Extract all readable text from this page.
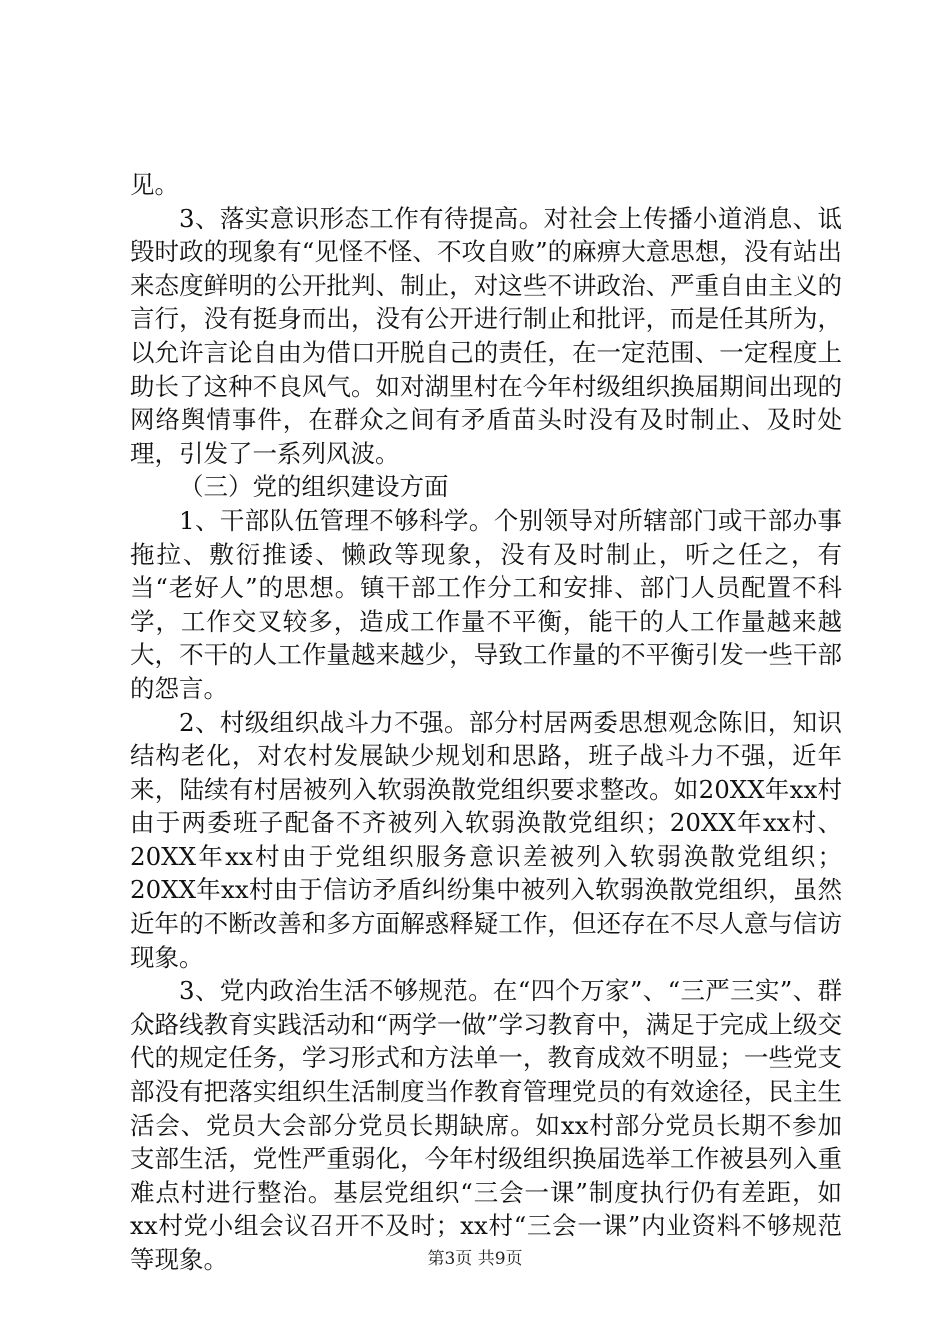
见。

3、落实意识形态工作有待提高。对社会上传播小道消息、诋毁时政的现象有“见怪不怪、不攻自败”的麻痹大意思想，没有站出来态度鲜明的公开批判、制止，对这些不讲政治、严重自由主义的言行，没有挺身而出，没有公开进行制止和批评，而是任其所为，以允许言论自由为借口开脱自己的责任，在一定范围、一定程度上助长了这种不良风气。如对湖里村在今年村级组织换届期间出现的网络舆情事件，在群众之间有矛盾苗头时没有及时制止、及时处理，引发了一系列风波。

（三）党的组织建设方面

1、干部队伍管理不够科学。个别领导对所辖部门或干部办事拖拉、敷衍推诿、懒政等现象，没有及时制止，听之任之，有当“老好人”的思想。镇干部工作分工和安排、部门人员配置不科学，工作交叉较多，造成工作量不平衡，能干的人工作量越来越大，不干的人工作量越来越少，导致工作量的不平衡引发一些干部的怨言。

2、村级组织战斗力不强。部分村居两委思想观念陈旧，知识结构老化，对农村发展缺少规划和思路，班子战斗力不强，近年来，陆续有村居被列入软弱涣散党组织要求整改。如20XX年xx村由于两委班子配备不齐被列入软弱涣散党组织；20XX年xx村、20XX年xx村由于党组织服务意识差被列入软弱涣散党组织；20XX年xx村由于信访矛盾纠纷集中被列入软弱涣散党组织，虽然近年的不断改善和多方面解惑释疑工作，但还存在不尽人意与信访现象。

3、党内政治生活不够规范。在“四个万家”、“三严三实”、群众路线教育实践活动和“两学一做”学习教育中，满足于完成上级交代的规定任务，学习形式和方法单一，教育成效不明显；一些党支部没有把落实组织生活制度当作教育管理党员的有效途径，民主生活会、党员大会部分党员长期缺席。如xx村部分党员长期不参加支部生活，党性严重弱化，今年村级组织换届选举工作被县列入重难点村进行整治。基层党组织“三会一课”制度执行仍有差距，如xx村党小组会议召开不及时；xx村“三会一课”内业资料不够规范等现象。	第3页 共9页
